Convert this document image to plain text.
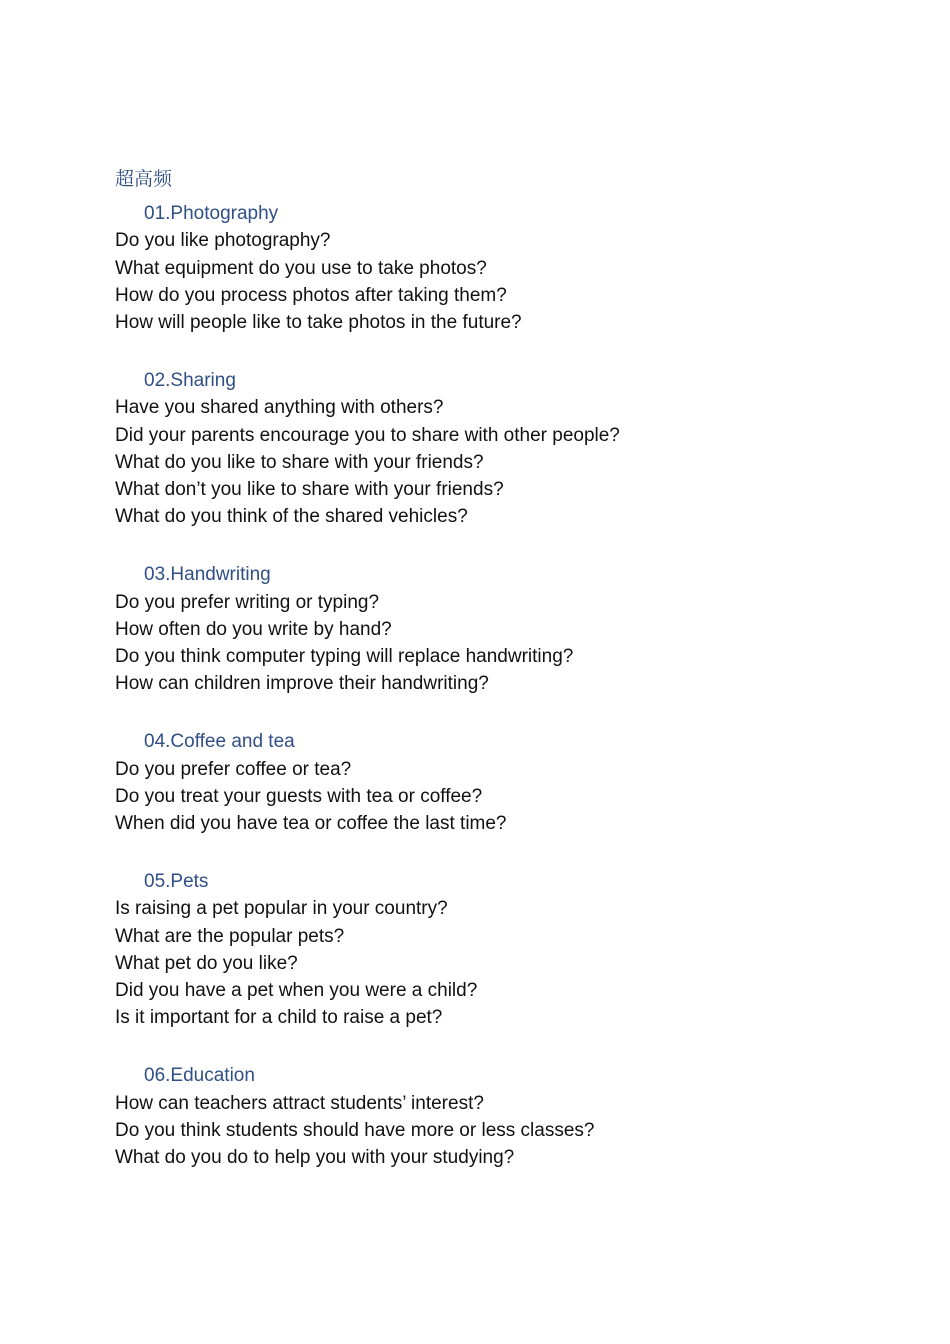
超高频

01.Photography

Do you like photography?

What equipment do you use to take photos?

How do you process photos after taking them?

How will people like to take photos in the future?

02.Sharing

Have you shared anything with others?

Did your parents encourage you to share with other people?

What do you like to share with your friends?

What don’t you like to share with your friends?

What do you think of the shared vehicles?

03.Handwriting

Do you prefer writing or typing?

How often do you write by hand?

Do you think computer typing will replace handwriting?

How can children improve their handwriting?

04.Coffee and tea

Do you prefer coffee or tea?

Do you treat your guests with tea or coffee?

When did you have tea or coffee the last time?

05.Pets

Is raising a pet popular in your country?

What are the popular pets?

What pet do you like?

Did you have a pet when you were a child?

Is it important for a child to raise a pet?

06.Education

How can teachers attract students’ interest?

Do you think students should have more or less classes?

What do you do to help you with your studying?
